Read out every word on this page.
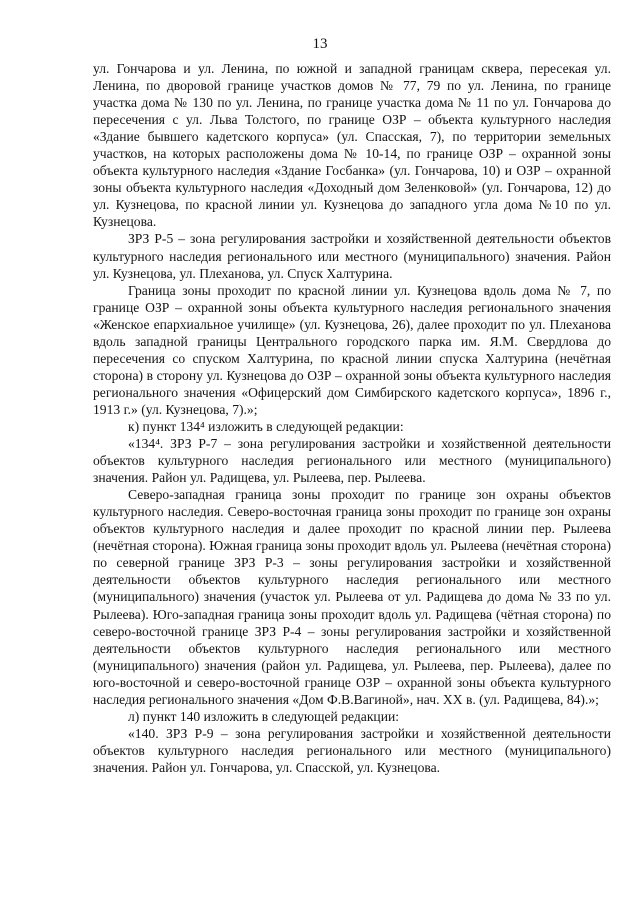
13

ул. Гончарова и ул. Ленина, по южной и западной границам сквера, пересекая ул. Ленина, по дворовой границе участков домов № 77, 79 по ул. Ленина, по границе участка дома № 130 по ул. Ленина, по границе участка дома № 11 по ул. Гончарова до пересечения с ул. Льва Толстого, по границе ОЗР – объекта культурного наследия «Здание бывшего кадетского корпуса» (ул. Спасская, 7), по территории земельных участков, на которых расположены дома № 10-14, по границе ОЗР – охранной зоны объекта культурного наследия «Здание Госбанка» (ул. Гончарова, 10) и ОЗР – охранной зоны объекта культурного наследия «Доходный дом Зеленковой» (ул. Гончарова, 12) до ул. Кузнецова, по красной линии ул. Кузнецова до западного угла дома №10 по ул. Кузнецова.

ЗРЗ Р-5 – зона регулирования застройки и хозяйственной деятельности объектов культурного наследия регионального или местного (муниципального) значения. Район ул. Кузнецова, ул. Плеханова, ул. Спуск Халтурина.

Граница зоны проходит по красной линии ул. Кузнецова вдоль дома № 7, по границе ОЗР – охранной зоны объекта культурного наследия регионального значения «Женское епархиальное училище» (ул. Кузнецова, 26), далее проходит по ул. Плеханова вдоль западной границы Центрального городского парка им. Я.М. Свердлова до пересечения со спуском Халтурина, по красной линии спуска Халтурина (нечётная сторона) в сторону ул. Кузнецова до ОЗР – охранной зоны объекта культурного наследия регионального значения «Офицерский дом Симбирского кадетского корпуса», 1896 г., 1913 г.» (ул. Кузнецова, 7).»;

к) пункт 134⁴ изложить в следующей редакции:

«134⁴. ЗРЗ Р-7 – зона регулирования застройки и хозяйственной деятельности объектов культурного наследия регионального или местного (муниципального) значения. Район ул. Радищева, ул. Рылеева, пер. Рылеева.

Северо-западная граница зоны проходит по границе зон охраны объектов культурного наследия. Северо-восточная граница зоны проходит по границе зон охраны объектов культурного наследия и далее проходит по красной линии пер. Рылеева (нечётная сторона). Южная граница зоны проходит вдоль ул. Рылеева (нечётная сторона) по северной границе ЗРЗ Р-3 – зоны регулирования застройки и хозяйственной деятельности объектов культурного наследия регионального или местного (муниципального) значения (участок ул. Рылеева от ул. Радищева до дома № 33 по ул. Рылеева). Юго-западная граница зоны проходит вдоль ул. Радищева (чётная сторона) по северо-восточной границе ЗРЗ Р-4 – зоны регулирования застройки и хозяйственной деятельности объектов культурного наследия регионального или местного (муниципального) значения (район ул. Радищева, ул. Рылеева, пер. Рылеева), далее по юго-восточной и северо-восточной границе ОЗР – охранной зоны объекта культурного наследия регионального значения «Дом Ф.В.Вагиной», нач. XX в. (ул. Радищева, 84).»;

л) пункт 140 изложить в следующей редакции:

«140. ЗРЗ Р-9 – зона регулирования застройки и хозяйственной деятельности объектов культурного наследия регионального или местного (муниципального) значения. Район ул. Гончарова, ул. Спасской, ул. Кузнецова.
